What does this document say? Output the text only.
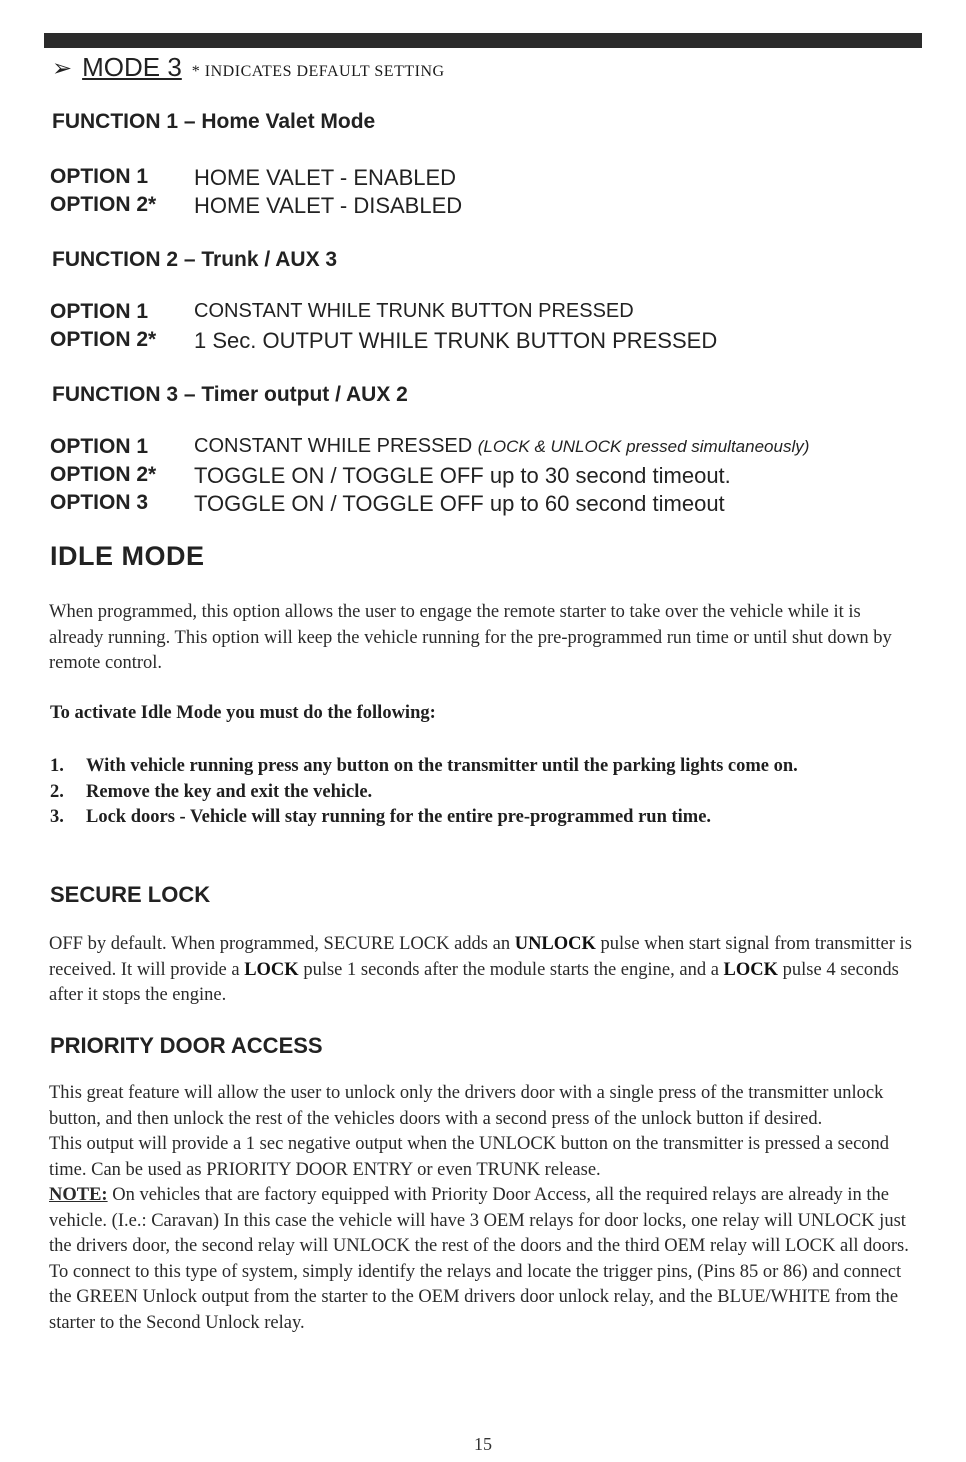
➢ MODE 3 * INDICATES DEFAULT SETTING
FUNCTION 1 – Home Valet Mode
OPTION 1 HOME VALET - ENABLED
OPTION 2* HOME VALET - DISABLED
FUNCTION 2 – Trunk / AUX 3
OPTION 1 CONSTANT WHILE TRUNK BUTTON PRESSED
OPTION 2* 1 Sec. OUTPUT WHILE TRUNK BUTTON PRESSED
FUNCTION 3 – Timer output / AUX 2
OPTION 1 CONSTANT WHILE PRESSED (LOCK & UNLOCK pressed simultaneously)
OPTION 2* TOGGLE ON / TOGGLE OFF up to 30 second timeout.
OPTION 3 TOGGLE ON / TOGGLE OFF up to 60 second timeout
IDLE MODE

When programmed, this option allows the user to engage the remote starter to take over the vehicle while it is already running. This option will keep the vehicle running for the pre-programmed run time or until shut down by remote control.

To activate Idle Mode you must do the following:
1. With vehicle running press any button on the transmitter until the parking lights come on.
2. Remove the key and exit the vehicle.
3. Lock doors - Vehicle will stay running for the entire pre-programmed run time.
SECURE LOCK

OFF by default. When programmed, SECURE LOCK adds an UNLOCK pulse when start signal from transmitter is received. It will provide a LOCK pulse 1 seconds after the module starts the engine, and a LOCK pulse 4 seconds after it stops the engine.

PRIORITY DOOR ACCESS

This great feature will allow the user to unlock only the drivers door with a single press of the transmitter unlock button, and then unlock the rest of the vehicles doors with a second press of the unlock button if desired.

This output will provide a 1 sec negative output when the UNLOCK button on the transmitter is pressed a second time. Can be used as PRIORITY DOOR ENTRY or even TRUNK release.

NOTE: On vehicles that are factory equipped with Priority Door Access, all the required relays are already in the vehicle. (I.e.: Caravan) In this case the vehicle will have 3 OEM relays for door locks, one relay will UNLOCK just the drivers door, the second relay will UNLOCK the rest of the doors and the third OEM relay will LOCK all doors.

To connect to this type of system, simply identify the relays and locate the trigger pins, (Pins 85 or 86) and connect the GREEN Unlock output from the starter to the OEM drivers door unlock relay, and the BLUE/WHITE from the starter to the Second Unlock relay.

15
